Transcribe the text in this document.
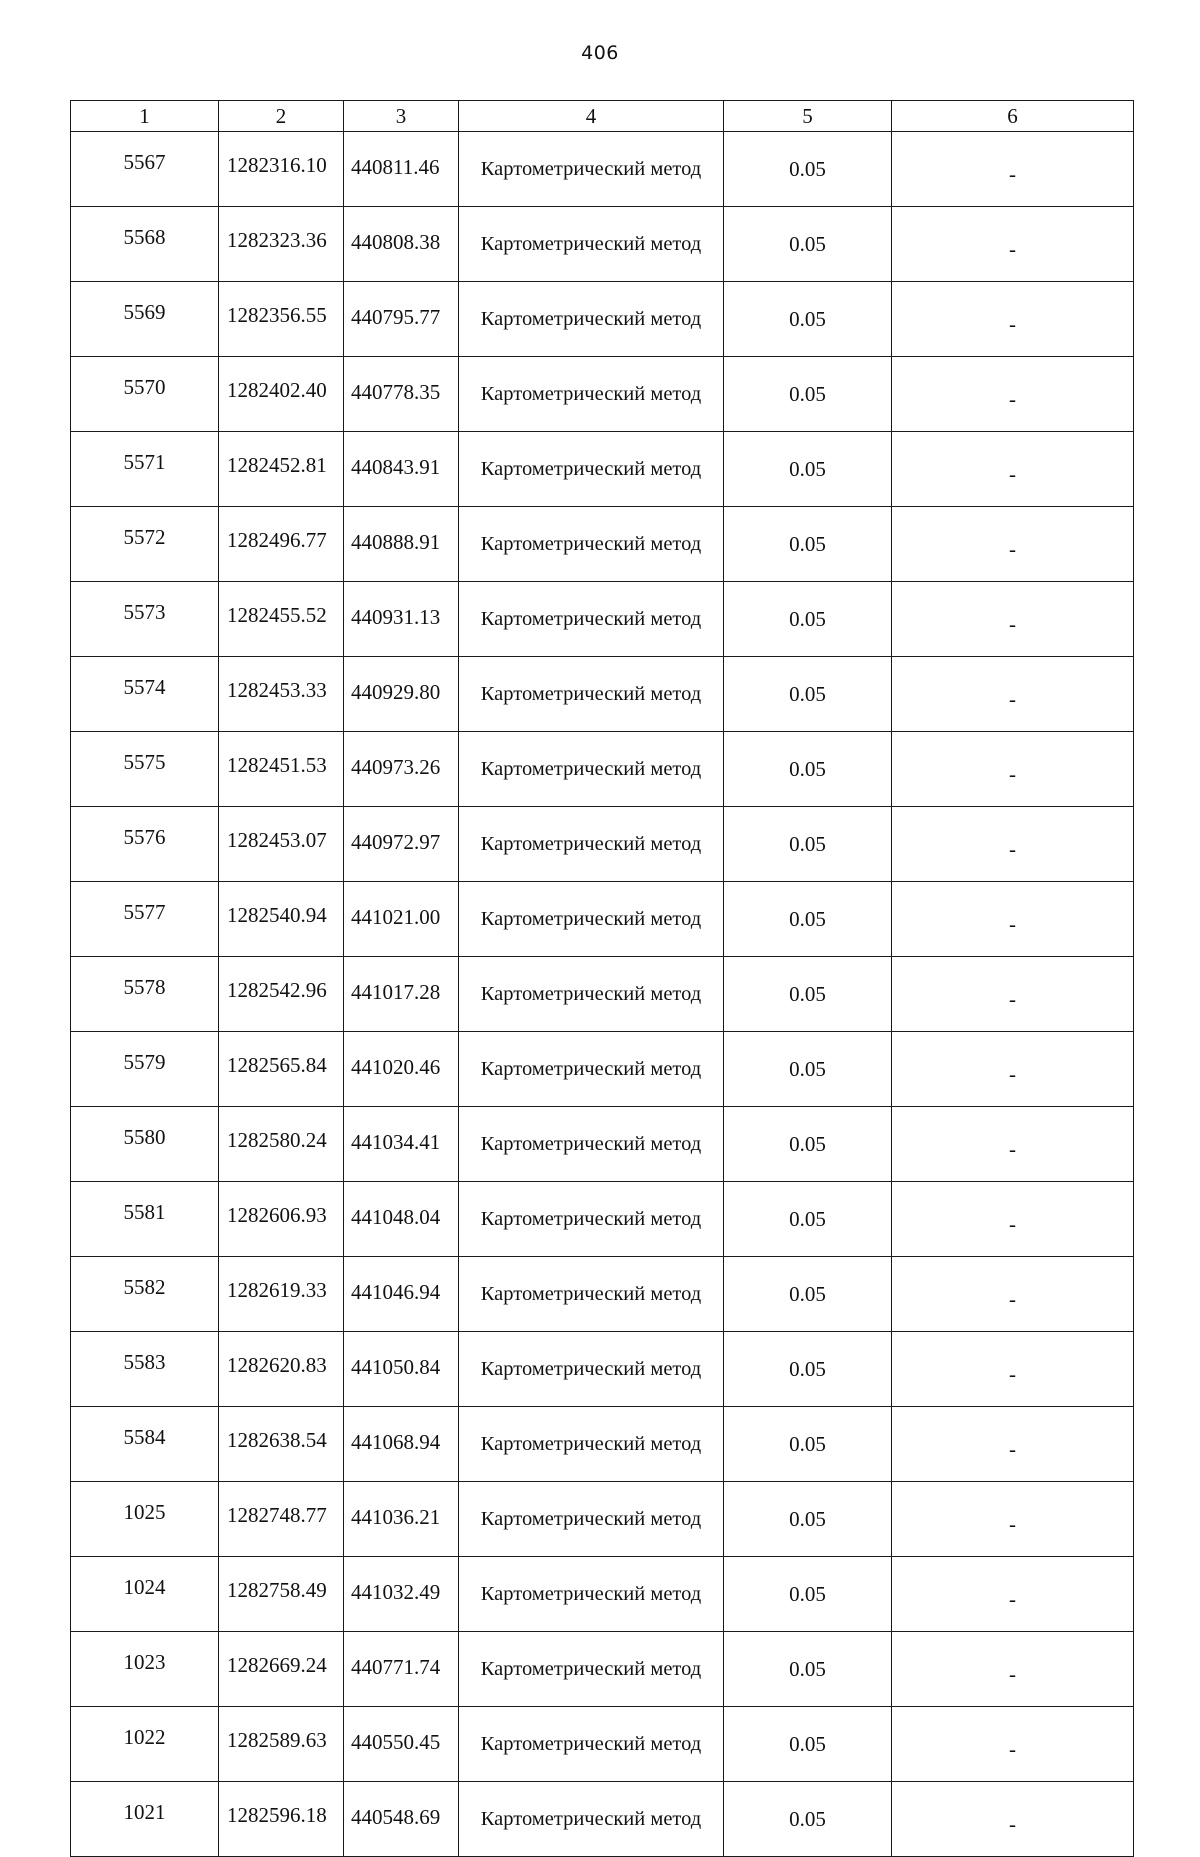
406
1	2	3	4	5	6
5567	1282316.10	440811.46	Картометрический метод	0.05	-
5568	1282323.36	440808.38	Картометрический метод	0.05	-
5569	1282356.55	440795.77	Картометрический метод	0.05	-
5570	1282402.40	440778.35	Картометрический метод	0.05	-
5571	1282452.81	440843.91	Картометрический метод	0.05	-
5572	1282496.77	440888.91	Картометрический метод	0.05	-
5573	1282455.52	440931.13	Картометрический метод	0.05	-
5574	1282453.33	440929.80	Картометрический метод	0.05	-
5575	1282451.53	440973.26	Картометрический метод	0.05	-
5576	1282453.07	440972.97	Картометрический метод	0.05	-
5577	1282540.94	441021.00	Картометрический метод	0.05	-
5578	1282542.96	441017.28	Картометрический метод	0.05	-
5579	1282565.84	441020.46	Картометрический метод	0.05	-
5580	1282580.24	441034.41	Картометрический метод	0.05	-
5581	1282606.93	441048.04	Картометрический метод	0.05	-
5582	1282619.33	441046.94	Картометрический метод	0.05	-
5583	1282620.83	441050.84	Картометрический метод	0.05	-
5584	1282638.54	441068.94	Картометрический метод	0.05	-
1025	1282748.77	441036.21	Картометрический метод	0.05	-
1024	1282758.49	441032.49	Картометрический метод	0.05	-
1023	1282669.24	440771.74	Картометрический метод	0.05	-
1022	1282589.63	440550.45	Картометрический метод	0.05	-
1021	1282596.18	440548.69	Картометрический метод	0.05	-
